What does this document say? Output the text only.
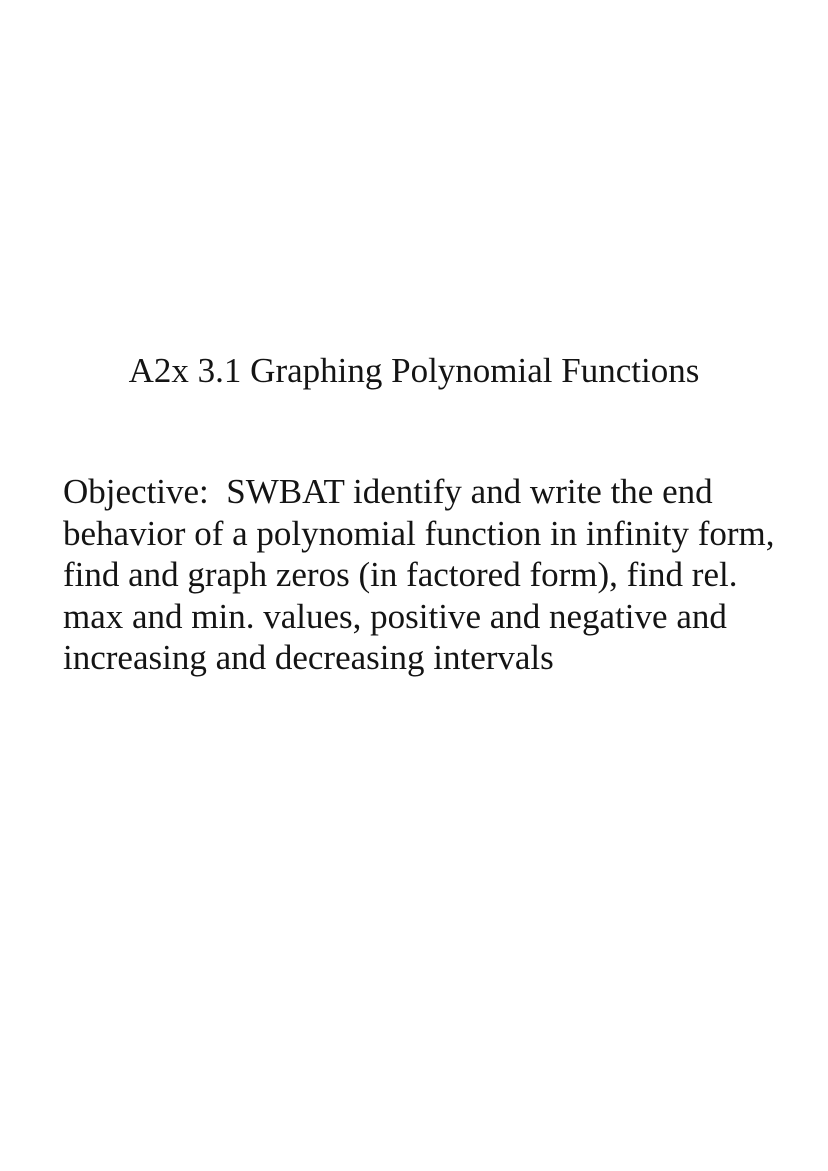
A2x 3.1 Graphing Polynomial Functions
Objective:  SWBAT identify and write the end
behavior of a polynomial function in infinity form,
find and graph zeros (in factored form), find rel.
max and min. values, positive and negative and
increasing and decreasing intervals
